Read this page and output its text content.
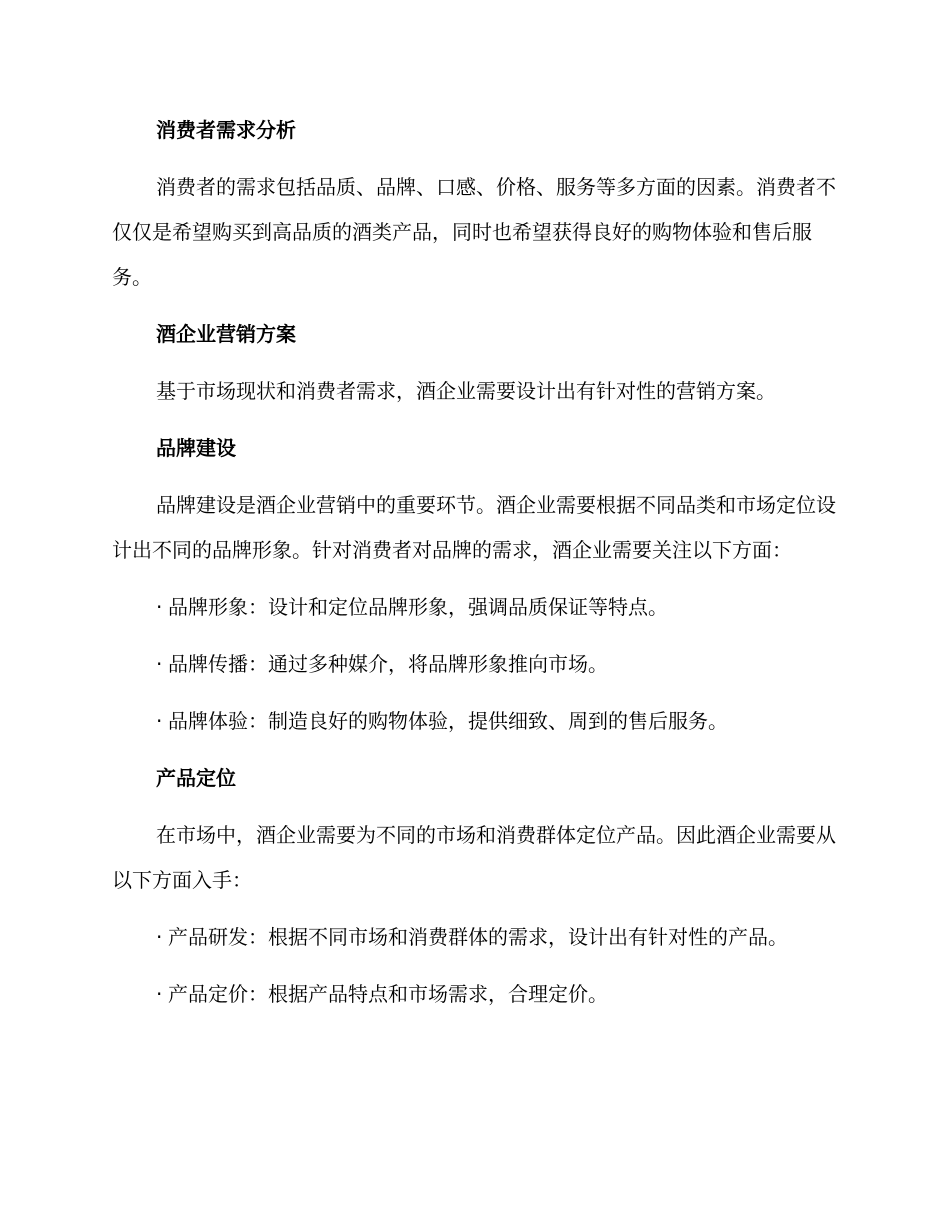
消费者需求分析
消费者的需求包括品质、品牌、口感、价格、服务等多方面的因素。消费者不仅仅是希望购买到高品质的酒类产品，同时也希望获得良好的购物体验和售后服务。
酒企业营销方案
基于市场现状和消费者需求，酒企业需要设计出有针对性的营销方案。
品牌建设
品牌建设是酒企业营销中的重要环节。酒企业需要根据不同品类和市场定位设计出不同的品牌形象。针对消费者对品牌的需求，酒企业需要关注以下方面：
· 品牌形象：设计和定位品牌形象，强调品质保证等特点。
· 品牌传播：通过多种媒介，将品牌形象推向市场。
· 品牌体验：制造良好的购物体验，提供细致、周到的售后服务。
产品定位
在市场中，酒企业需要为不同的市场和消费群体定位产品。因此酒企业需要从以下方面入手：
· 产品研发：根据不同市场和消费群体的需求，设计出有针对性的产品。
· 产品定价：根据产品特点和市场需求，合理定价。
